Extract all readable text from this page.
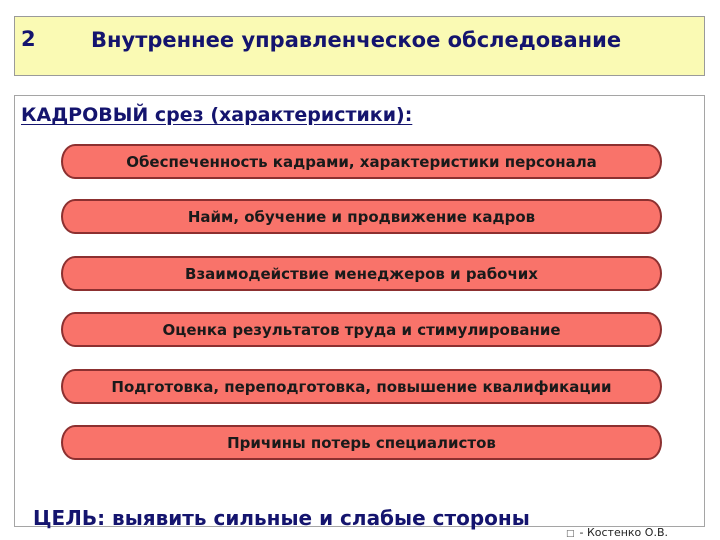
2	Внутреннее управленческое обследование
КАДРОВЫЙ срез (характеристики):
Обеспеченность кадрами, характеристики персонала
Найм, обучение и продвижение кадров
Взаимодействие менеджеров и рабочих
Оценка результатов труда и стимулирование
Подготовка, переподготовка, повышение квалификации
Причины потерь специалистов
ЦЕЛЬ: выявить сильные и слабые стороны
□ - Костенко О.В.
